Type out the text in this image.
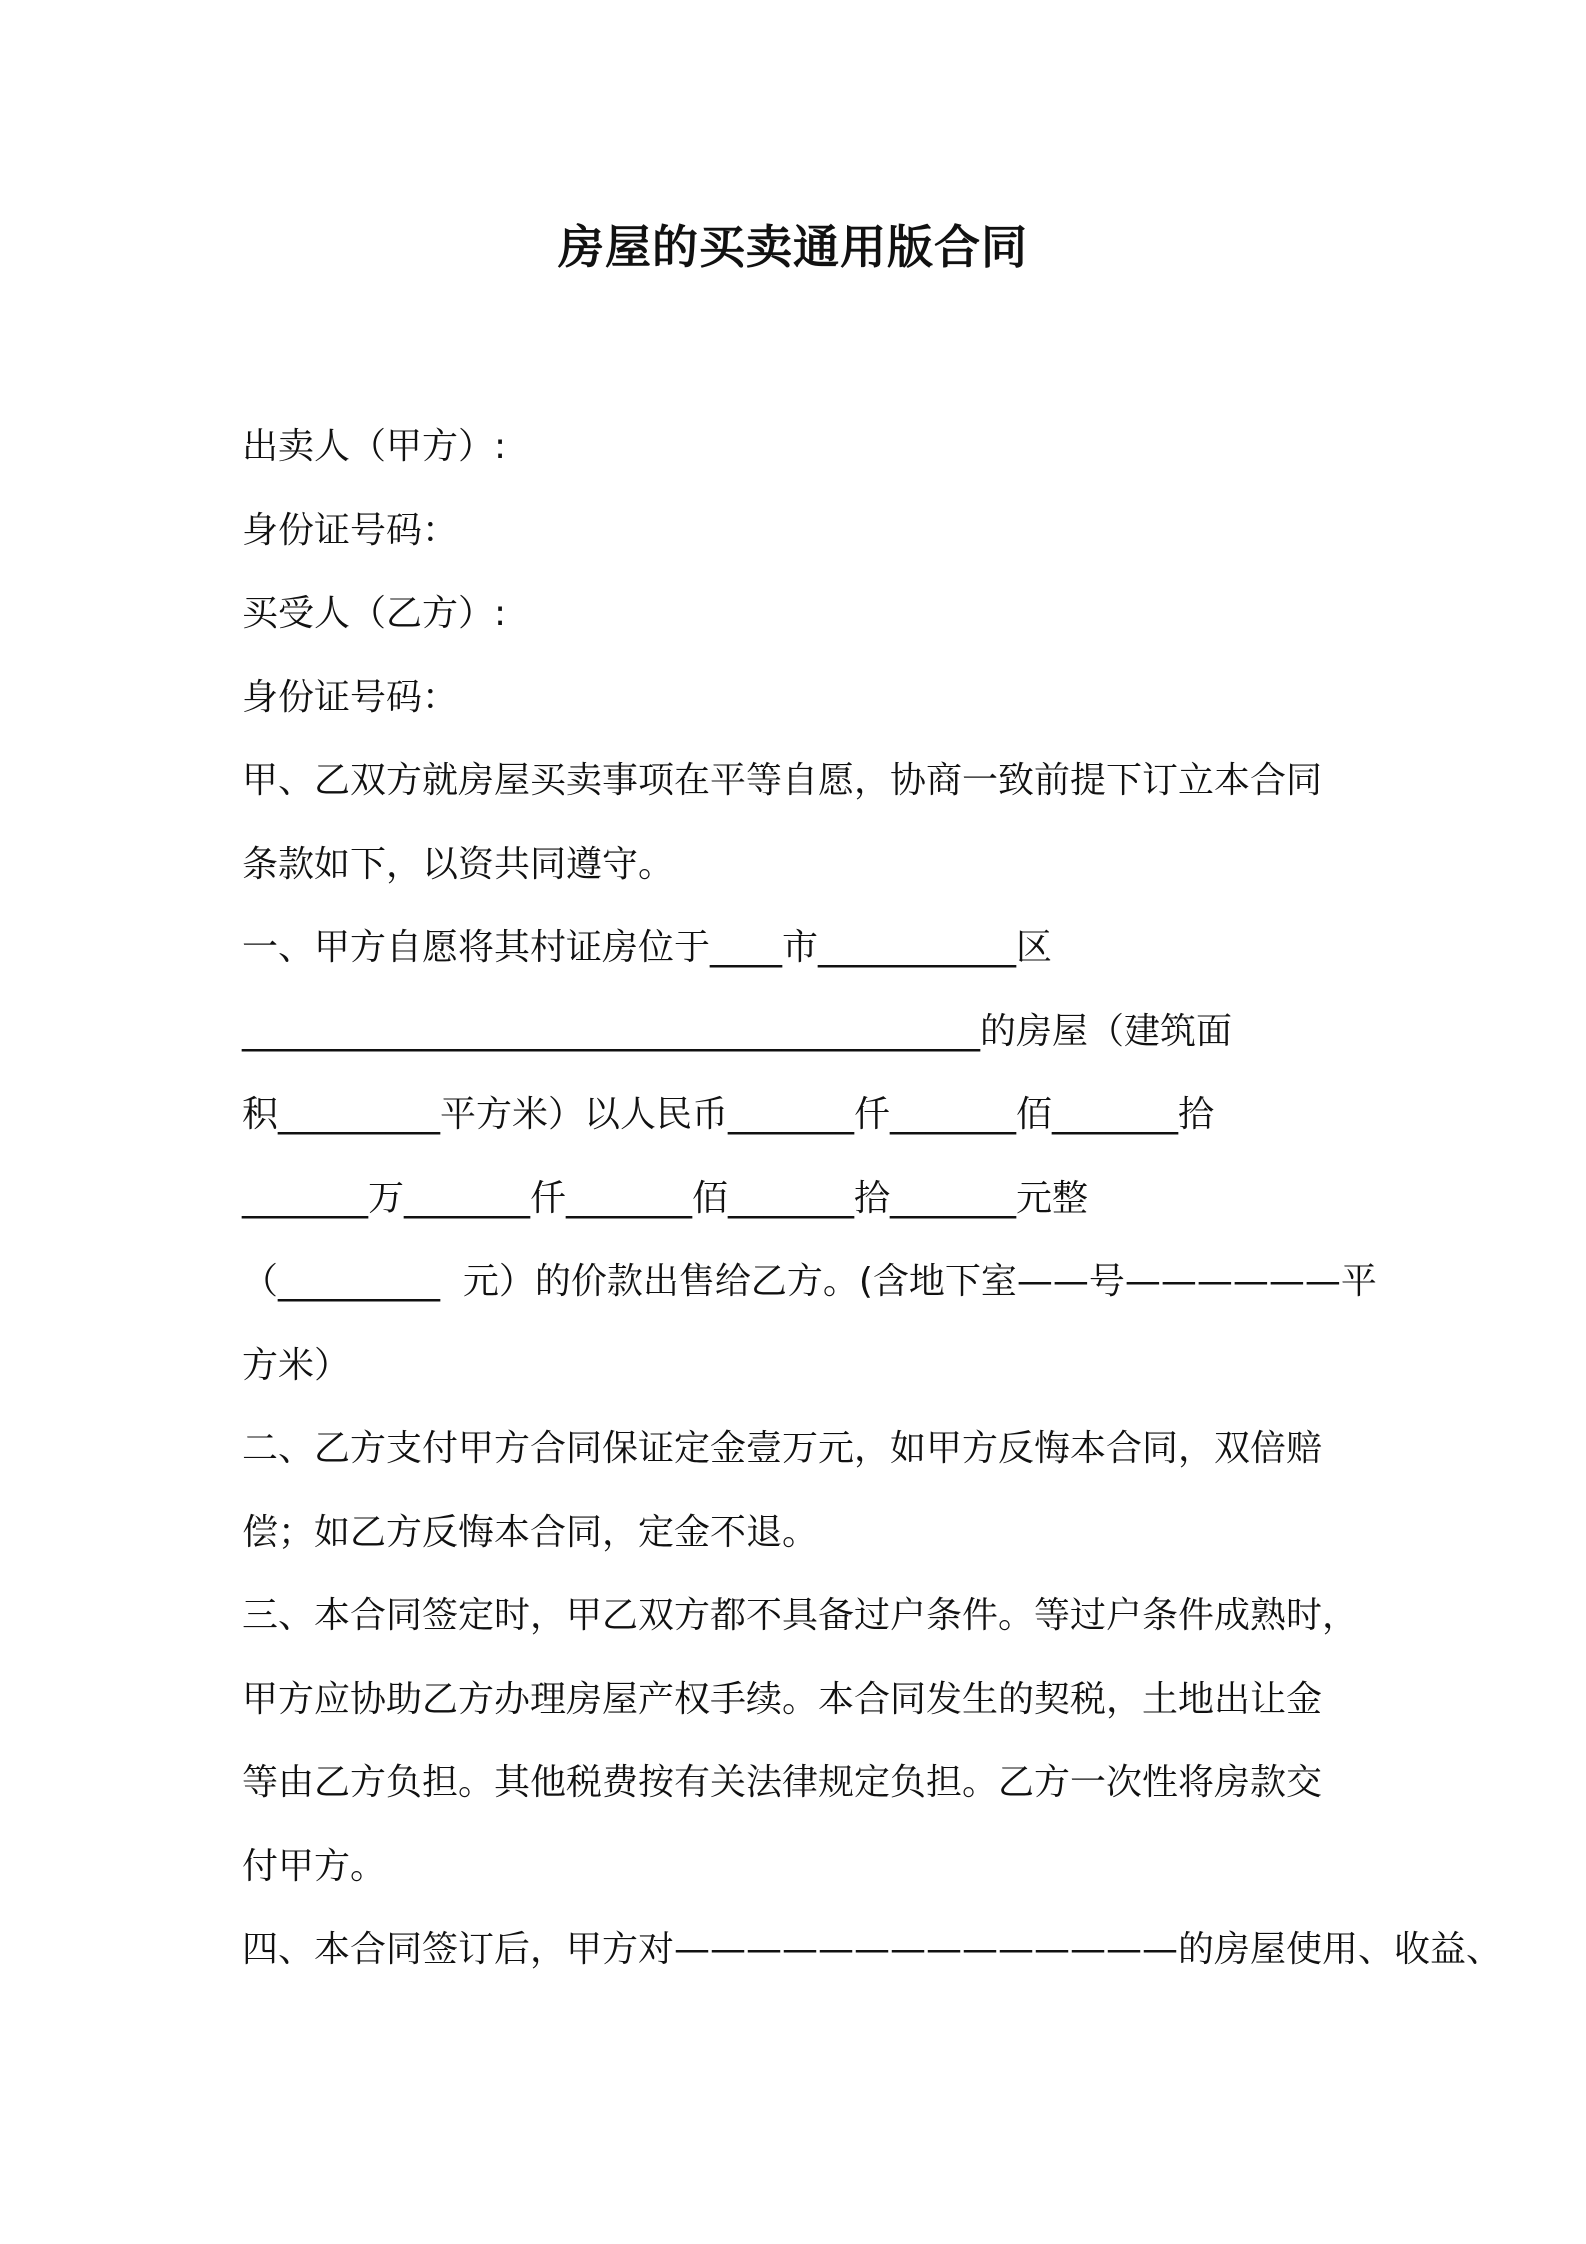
房屋的买卖通用版合同
出卖人（甲方）:
身份证号码：
买受人（乙方）:
身份证号码：
甲、乙双方就房屋买卖事项在平等自愿，协商一致前提下订立本合同
条款如下，以资共同遵守。
一、甲方自愿将其村证房位于____市___________区
_________________________________________的房屋（建筑面
积_________平方米）以人民币_______仟_______佰_______拾
_______万_______仟_______佰_______拾_______元整
（_________  元）的价款出售给乙方。(含地下室——号——————平
方米）
二、乙方支付甲方合同保证定金壹万元，如甲方反悔本合同，双倍赔
偿；如乙方反悔本合同，定金不退。
三、本合同签定时，甲乙双方都不具备过户条件。等过户条件成熟时，
甲方应协助乙方办理房屋产权手续。本合同发生的契税，土地出让金
等由乙方负担。其他税费按有关法律规定负担。乙方一次性将房款交
付甲方。
四、本合同签订后，甲方对——————————————的房屋使用、收益、
